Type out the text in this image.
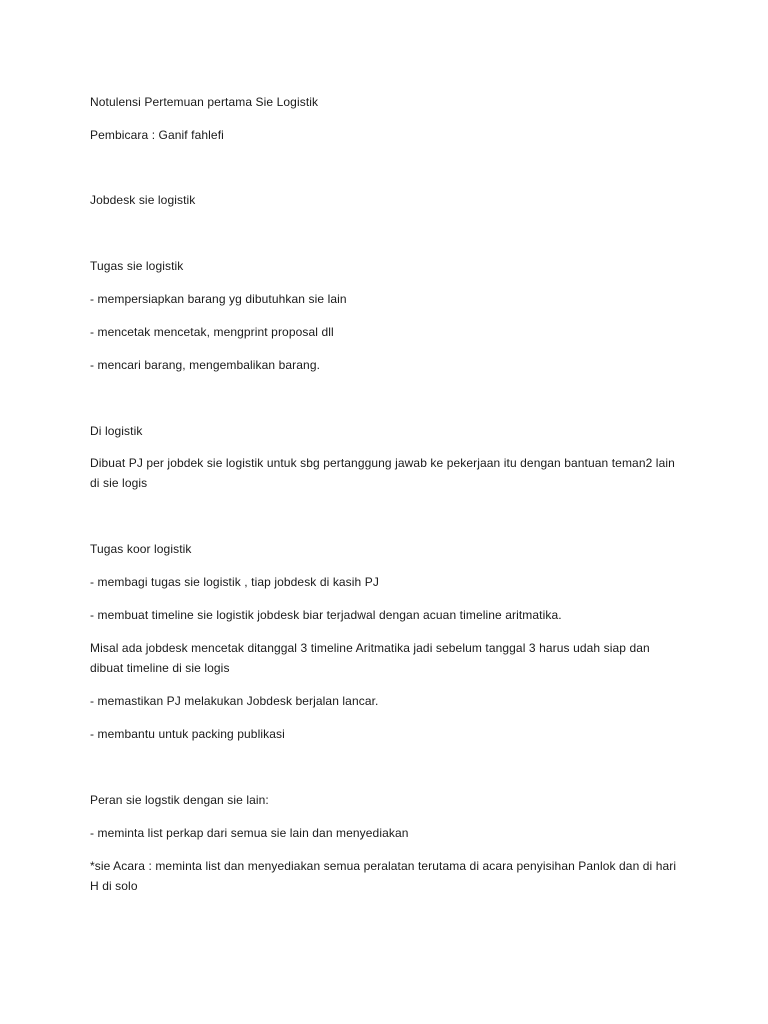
Notulensi Pertemuan pertama Sie Logistik

Pembicara : Ganif fahlefi

Jobdesk sie logistik

Tugas sie logistik

- mempersiapkan barang yg dibutuhkan sie lain

- mencetak mencetak, mengprint proposal dll

- mencari barang, mengembalikan barang.

Di logistik

Dibuat PJ per jobdek sie logistik untuk sbg pertanggung jawab ke pekerjaan itu dengan bantuan teman2 lain di sie logis

Tugas koor logistik

- membagi tugas sie logistik , tiap jobdesk di kasih PJ

- membuat timeline sie logistik jobdesk biar terjadwal dengan acuan timeline aritmatika.

Misal ada jobdesk mencetak ditanggal 3 timeline Aritmatika jadi sebelum tanggal 3 harus udah siap dan dibuat timeline di sie logis

- memastikan PJ melakukan Jobdesk berjalan lancar.

- membantu untuk packing publikasi

Peran sie logstik dengan sie lain:

- meminta list perkap dari semua sie lain dan menyediakan

*sie Acara : meminta list dan menyediakan semua peralatan terutama di acara penyisihan Panlok dan di hari H di solo
